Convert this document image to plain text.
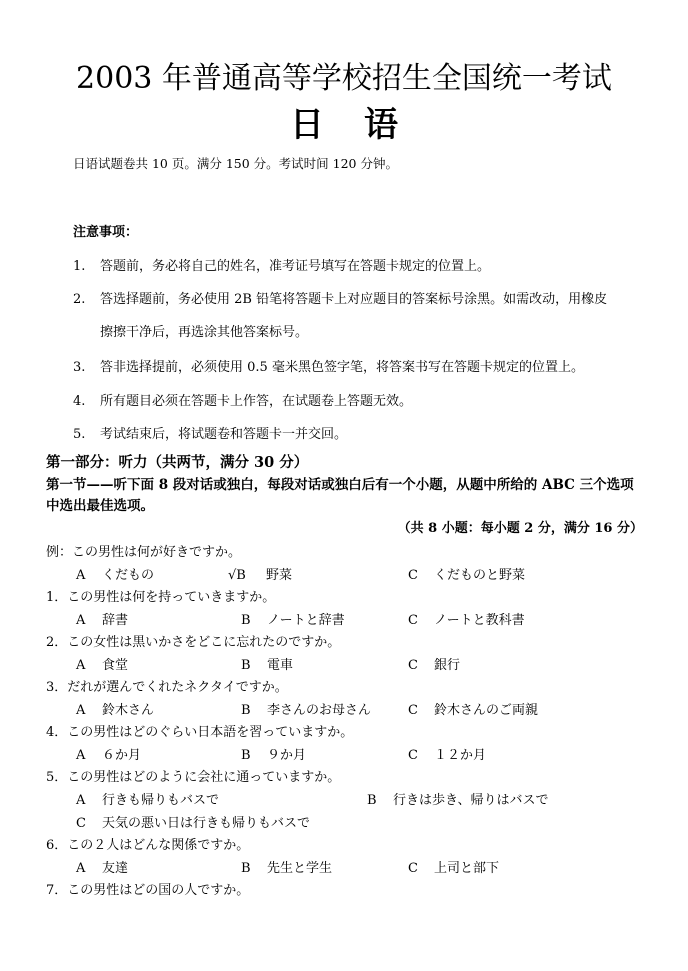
2003 年普通高等学校招生全国统一考试
日语
日语试题卷共 10 页。满分 150 分。考试时间 120 分钟。
注意事项：
1. 答题前，务必将自己的姓名，准考证号填写在答题卡规定的位置上。
2. 答选择题前，务必使用 2B 铅笔将答题卡上对应题目的答案标号涂黑。如需改动，用橡皮
擦擦干净后，再选涂其他答案标号。
3. 答非选择提前，必须使用 0.5 毫米黑色签字笔，将答案书写在答题卡规定的位置上。
4. 所有题目必须在答题卡上作答，在试题卷上答题无效。
5. 考试结束后，将试题卷和答题卡一并交回。
第一部分：听力（共两节，满分 30 分）
第一节——听下面 8 段对话或独白，每段对话或独白后有一个小题，从题中所给的 ABC 三个选项中选出最佳选项。
（共 8 小题：每小题 2 分，满分 16 分）
例：この男性は何が好きですか。
A くだもの	√B 野菜	C くだものと野菜
1．この男性は何を持っていきますか。
A 辞書	B ノートと辞書	C ノートと教科書
2．この女性は黒いかさをどこに忘れたのですか。
A 食堂	B 電車	C 銀行
3．だれが選んでくれたネクタイですか。
A 鈴木さん	B 李さんのお母さん	C 鈴木さんのご両親
4．この男性はどのぐらい日本語を習っていますか。
A ６か月	B ９か月	C １２か月
5．この男性はどのように会社に通っていますか。
A 行きも帰りもバスで	B 行きは歩き、帰りはバスで
C 天気の悪い日は行きも帰りもバスで
6．この２人はどんな関係ですか。
A 友達	B 先生と学生	C 上司と部下
7．この男性はどの国の人ですか。
